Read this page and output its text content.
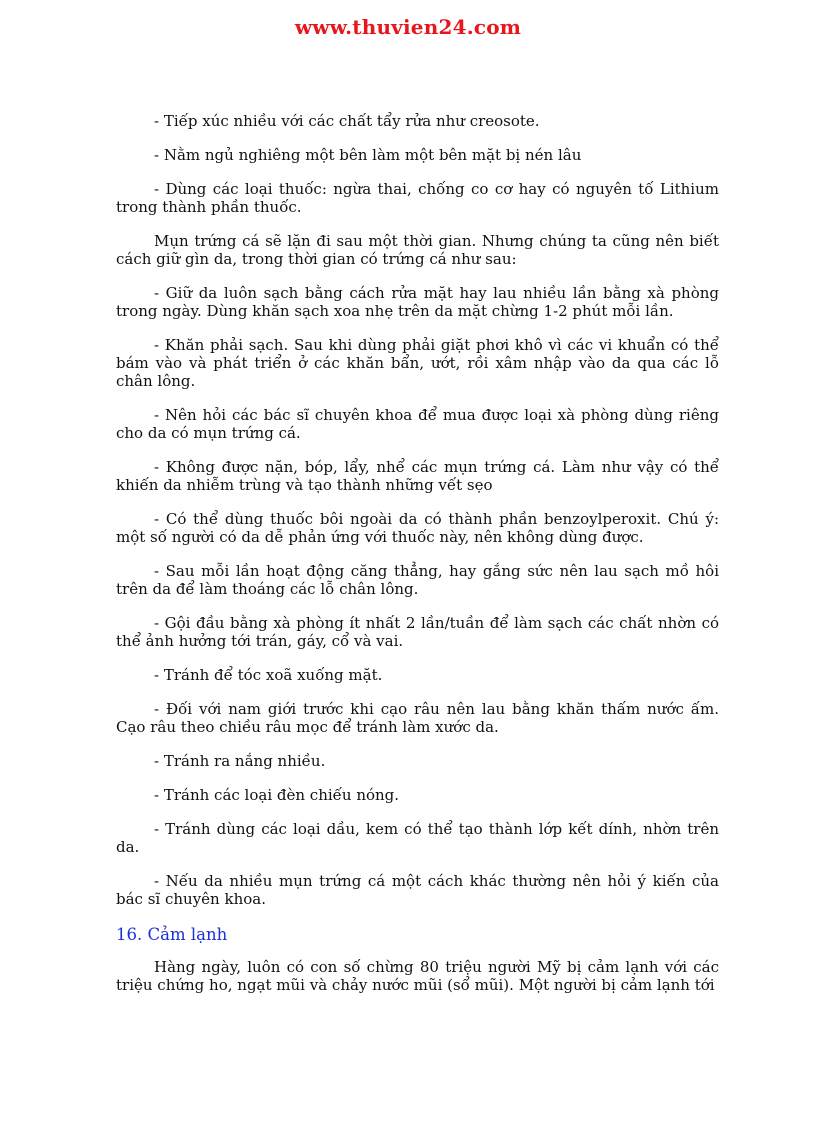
www.thuvien24.com

- Tiếp xúc nhiều với các chất tẩy rửa như creosote.

- Nằm ngủ nghiêng một bên làm một bên mặt bị nén lâu

- Dùng các loại thuốc: ngừa thai, chống co cơ hay có nguyên tố Lithium trong thành phần thuốc.

Mụn trứng cá sẽ lặn đi sau một thời gian. Nhưng chúng ta cũng nên biết cách giữ gìn da, trong thời gian có trứng cá như sau:

- Giữ da luôn sạch bằng cách rửa mặt hay lau nhiều lần bằng xà phòng trong ngày. Dùng khăn sạch xoa nhẹ trên da mặt chừng 1-2 phút mỗi lần.

- Khăn phải sạch. Sau khi dùng phải giặt phơi khô vì các vi khuẩn có thể bám vào và phát triển ở các khăn bẩn, ướt, rồi xâm nhập vào da qua các lỗ chân lông.

- Nên hỏi các bác sĩ chuyên khoa để mua được loại xà phòng dùng riêng cho da có mụn trứng cá.

- Không được nặn, bóp, lẩy, nhể các mụn trứng cá. Làm như vậy có thể khiến da nhiễm trùng và tạo thành những vết sẹo

- Có thể dùng thuốc bôi ngoài da có thành phần benzoylperoxit. Chú ý: một số người có da dễ phản ứng với thuốc này, nên không dùng được.

- Sau mỗi lần hoạt động căng thẳng, hay gắng sức nên lau sạch mồ hôi trên da để làm thoáng các lỗ chân lông.

- Gội đầu bằng xà phòng ít nhất 2 lần/tuần để làm sạch các chất nhờn có thể ảnh hưởng tới trán, gáy, cổ và vai.

- Tránh để tóc xoã xuống mặt.

- Đối với nam giới trước khi cạo râu nên lau bằng khăn thấm nước ấm. Cạo râu theo chiều râu mọc để tránh làm xước da.

- Tránh ra nắng nhiều.

- Tránh các loại đèn chiếu nóng.

- Tránh dùng các loại dầu, kem có thể tạo thành lớp kết dính, nhờn trên da.

- Nếu da nhiều mụn trứng cá một cách khác thường nên hỏi ý kiến của bác sĩ chuyên khoa.

16. Cảm lạnh

Hàng ngày, luôn có con số chừng 80 triệu người Mỹ bị cảm lạnh với các triệu chứng ho, ngạt mũi và chảy nước mũi (sổ mũi). Một người bị cảm lạnh tới
